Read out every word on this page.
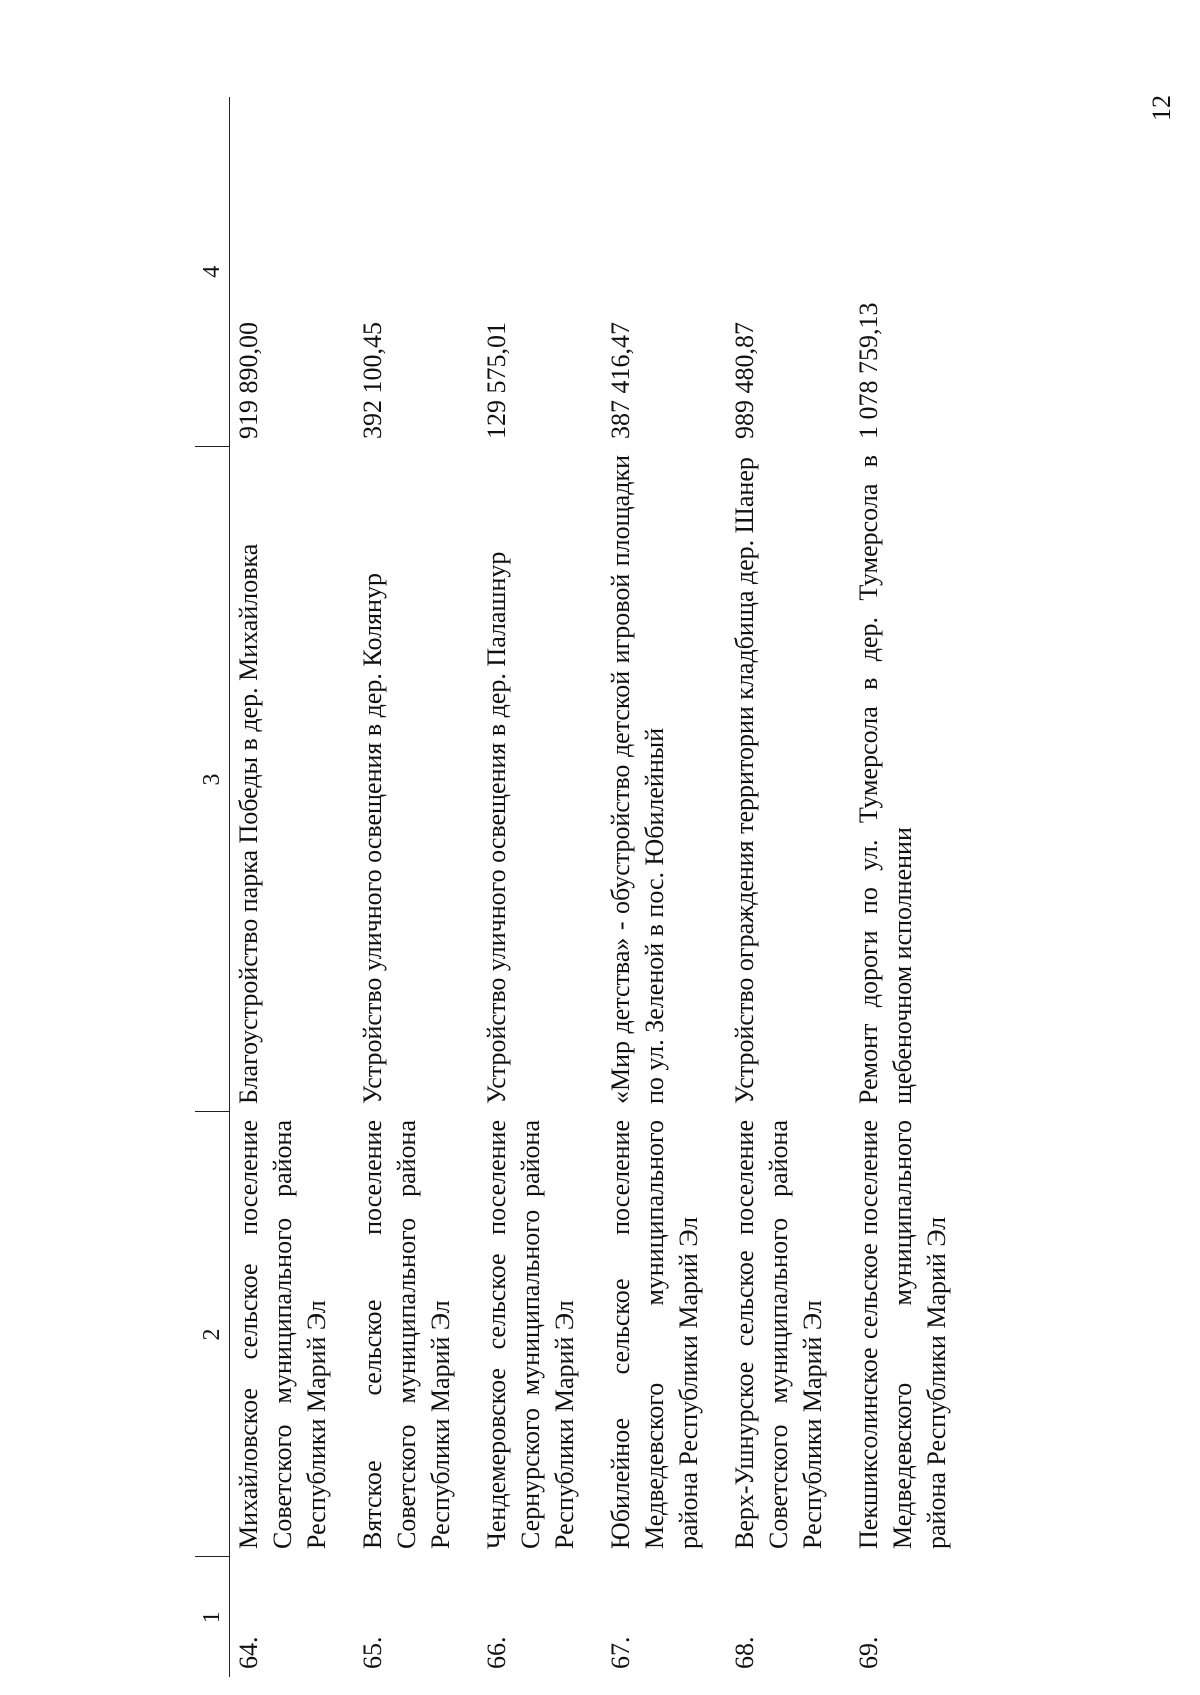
12
1	2	3	4
64.	Михайловское сельское поселение Советского муниципального района Республики Марий Эл	Благоустройство парка Победы в дер. Михайловка	919 890,00
65.	Вятское сельское поселение Советского муниципального района Республики Марий Эл	Устройство уличного освещения в дер. Колянур	392 100,45
66.	Чендемеровское сельское поселение Сернурского муниципального района Республики Марий Эл	Устройство уличного освещения в дер. Палашнур	129 575,01
67.	Юбилейное сельское поселение Медведевского муниципального района Республики Марий Эл	«Мир детства» - обустройство детской игровой площадки по ул. Зеленой в пос. Юбилейный	387 416,47
68.	Верх-Ушнурское сельское поселение Советского муниципального района Республики Марий Эл	Устройство ограждения территории кладбища дер. Шанер	989 480,87
69.	Пекшиксолинское сельское поселение Медведевского муниципального района Республики Марий Эл	Ремонт дороги по ул. Тумерсола в дер. Тумерсола в щебеночном исполнении	1 078 759,13
